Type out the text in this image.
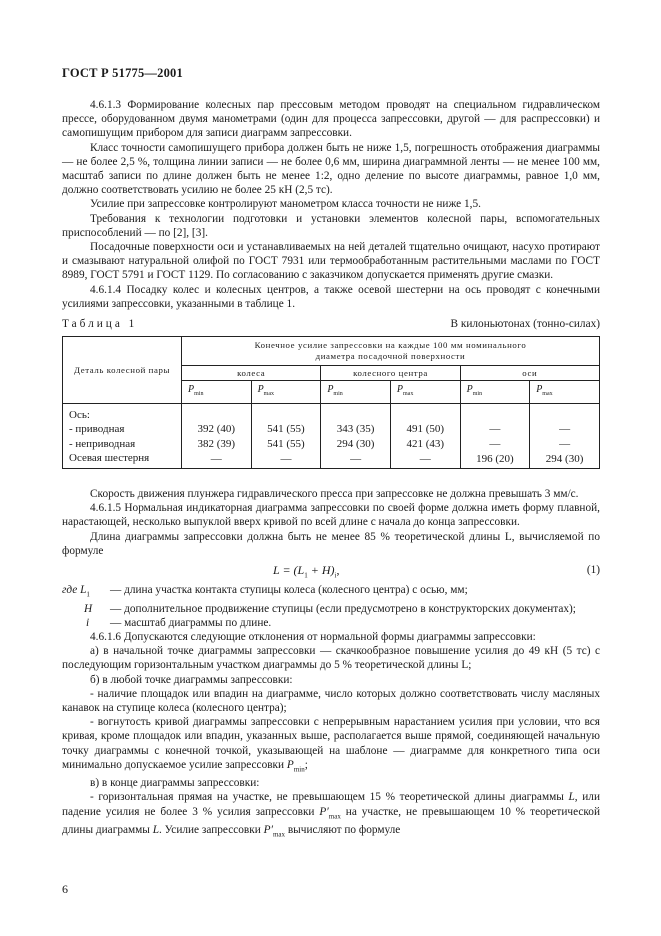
ГОСТ Р 51775—2001

4.6.1.3 Формирование колесных пар прессовым методом проводят на специальном гидравлическом прессе, оборудованном двумя манометрами (один для процесса запрессовки, другой — для распрессовки) и самопишущим прибором для записи диаграмм запрессовки.

Класс точности самопишущего прибора должен быть не ниже 1,5, погрешность отображения диаграммы — не более 2,5 %, толщина линии записи — не более 0,6 мм, ширина диаграммной ленты — не менее 100 мм, масштаб записи по длине должен быть не менее 1:2, одно деление по высоте диаграммы, равное 1,0 мм, должно соответствовать усилию не более 25 кН (2,5 тс).

Усилие при запрессовке контролируют манометром класса точности не ниже 1,5.

Требования к технологии подготовки и установки элементов колесной пары, вспомогательных приспособлений — по [2], [3].

Посадочные поверхности оси и устанавливаемых на ней деталей тщательно очищают, насухо протирают и смазывают натуральной олифой по ГОСТ 7931 или термообработанным растительными маслами по ГОСТ 8989, ГОСТ 5791 и ГОСТ 1129. По согласованию с заказчиком допускается применять другие смазки.

4.6.1.4 Посадку колес и колесных центров, а также осевой шестерни на ось проводят с конечными усилиями запрессовки, указанными в таблице 1.

Таблица 1	В килоньютонах (тонно-силах)
Деталь колесной пары	Конечное усилие запрессовки на каждые 100 мм номинального диаметра посадочной поверхности					
	колеса		колесного центра		оси	
	$P_{min}$	$P_{max}$	$P_{min}$	$P_{max}$	$P_{min}$	$P_{max}$
Ось:						
- приводная	392 (40)	541 (55)	343 (35)	491 (50)	—	—
- неприводная	382 (39)	541 (55)	294 (30)	421 (43)	—	—
Осевая шестерня	—	—	—	—	196 (20)	294 (30)

Скорость движения плунжера гидравлического пресса при запрессовке не должна превышать 3 мм/с.

4.6.1.5 Нормальная индикаторная диаграмма запрессовки по своей форме должна иметь форму плавной, нарастающей, несколько выпуклой вверх кривой по всей длине с начала до конца запрессовки.

Длина диаграммы запрессовки должна быть не менее 85 % теоретической длины L, вычисляемой по формуле

$L = (L_1 + H)_i$,	(1)
где $L_1$	— длина участка контакта ступицы колеса (колесного центра) с осью, мм;
H	— дополнительное продвижение ступицы (если предусмотрено в конструкторских документах);
i	— масштаб диаграммы по длине.

4.6.1.6 Допускаются следующие отклонения от нормальной формы диаграммы запрессовки:

а) в начальной точке диаграммы запрессовки — скачкообразное повышение усилия до 49 кН (5 тс) с последующим горизонтальным участком диаграммы до 5 % теоретической длины L;

б) в любой точке диаграммы запрессовки:

- наличие площадок или впадин на диаграмме, число которых должно соответствовать числу масляных канавок на ступице колеса (колесного центра);

- вогнутость кривой диаграммы запрессовки с непрерывным нарастанием усилия при условии, что вся кривая, кроме площадок или впадин, указанных выше, располагается выше прямой, соединяющей начальную точку диаграммы с конечной точкой, указывающей на шаблоне — диаграмме для конкретного типа оси минимально допускаемое усилие запрессовки $P_{min}$;

в) в конце диаграммы запрессовки:

- горизонтальная прямая на участке, не превышающем 15 % теоретической длины диаграммы L, или падение усилия не более 3 % усилия запрессовки $P'_{max}$ на участке, не превышающем 10 % теоретической длины диаграммы L. Усилие запрессовки $P'_{max}$ вычисляют по формуле

6
